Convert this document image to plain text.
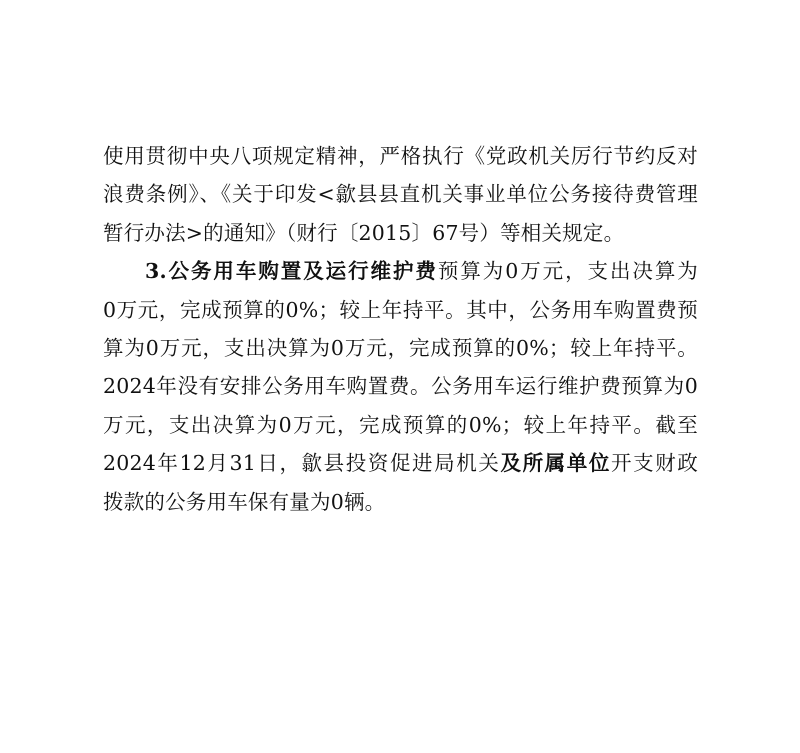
使用贯彻中央八项规定精神，严格执行《党政机关厉行节约反对
浪费条例》、《关于印发<歙县县直机关事业单位公务接待费管理
暂行办法>的通知》（财行〔2015〕67号）等相关规定。
3.公务用车购置及运行维护费预算为0万元，支出决算为
0万元，完成预算的0%；较上年持平。其中，公务用车购置费预
算为0万元，支出决算为0万元，完成预算的0%；较上年持平。
2024年没有安排公务用车购置费。公务用车运行维护费预算为0
万元，支出决算为0万元，完成预算的0%；较上年持平。截至
2024年12月31日，歙县投资促进局机关及所属单位开支财政
拨款的公务用车保有量为0辆。
